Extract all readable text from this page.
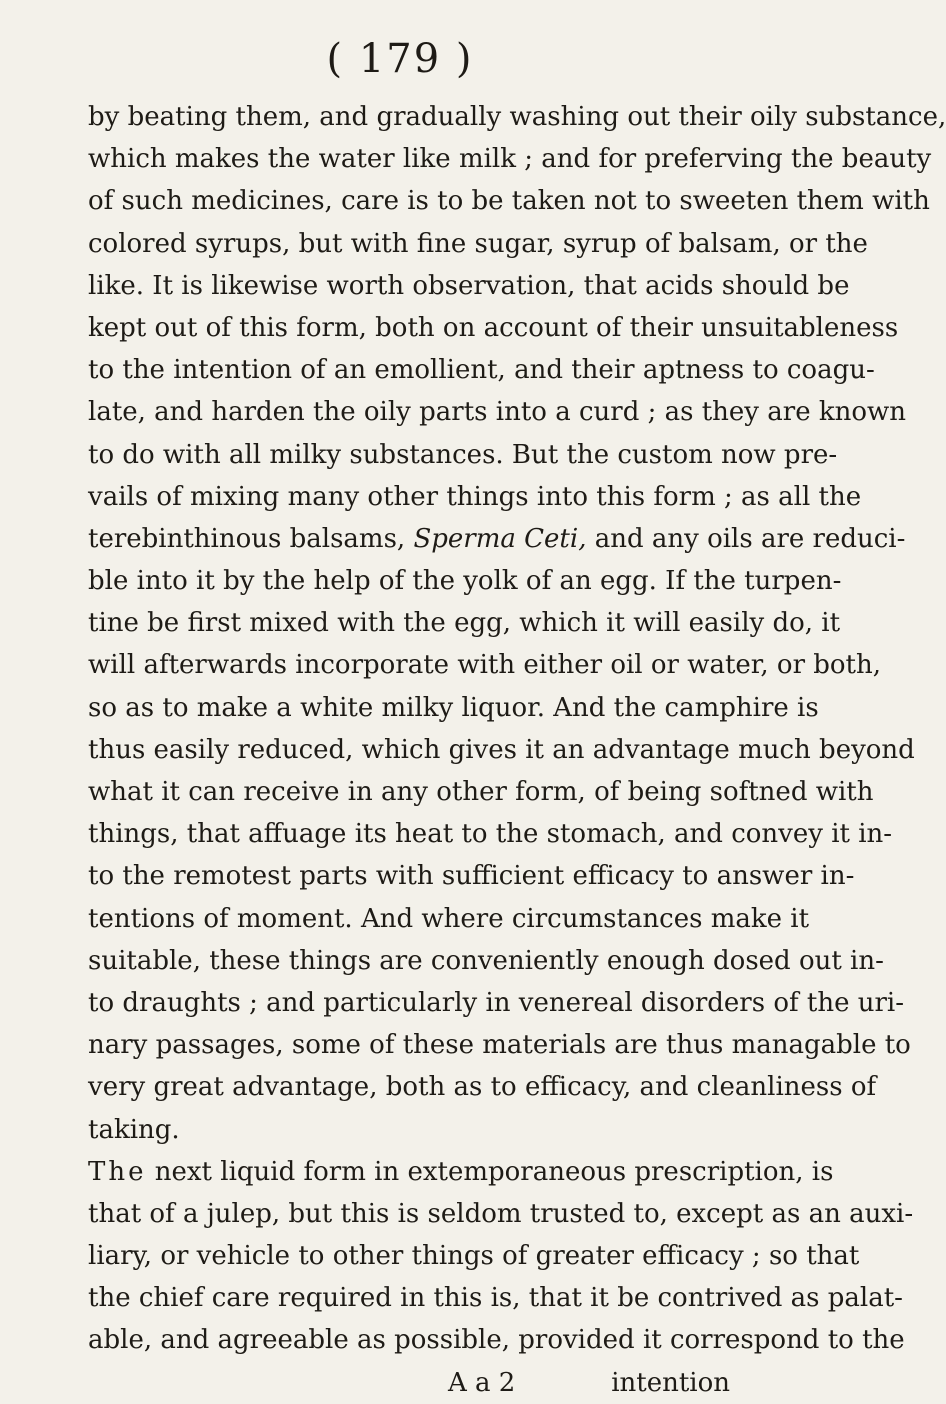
( 179 )
by beating them, and gradually washing out their oily substance,
which makes the water like milk ; and for preferving the beauty
of such medicines, care is to be taken not to sweeten them with
colored syrups, but with fine sugar, syrup of balsam, or the
like. It is likewise worth observation, that acids should be
kept out of this form, both on account of their unsuitableness
to the intention of an emollient, and their aptness to coagu-
late, and harden the oily parts into a curd ; as they are known
to do with all milky substances. But the custom now pre-
vails of mixing many other things into this form ; as all the
terebinthinous balsams, Sperma Ceti, and any oils are reduci-
ble into it by the help of the yolk of an egg. If the turpen-
tine be first mixed with the egg, which it will easily do, it
will afterwards incorporate with either oil or water, or both,
so as to make a white milky liquor. And the camphire is
thus easily reduced, which gives it an advantage much beyond
what it can receive in any other form, of being softned with
things, that affuage its heat to the stomach, and convey it in-
to the remotest parts with sufficient efficacy to answer in-
tentions of moment. And where circumstances make it
suitable, these things are conveniently enough dosed out in-
to draughts ; and particularly in venereal disorders of the uri-
nary passages, some of these materials are thus managable to
very great advantage, both as to efficacy, and cleanliness of
taking.
The next liquid form in extemporaneous prescription, is
that of a julep, but this is seldom trusted to, except as an auxi-
liary, or vehicle to other things of greater efficacy ; so that
the chief care required in this is, that it be contrived as palat-
able, and agreeable as possible, provided it correspond to the
A a 2	intention
